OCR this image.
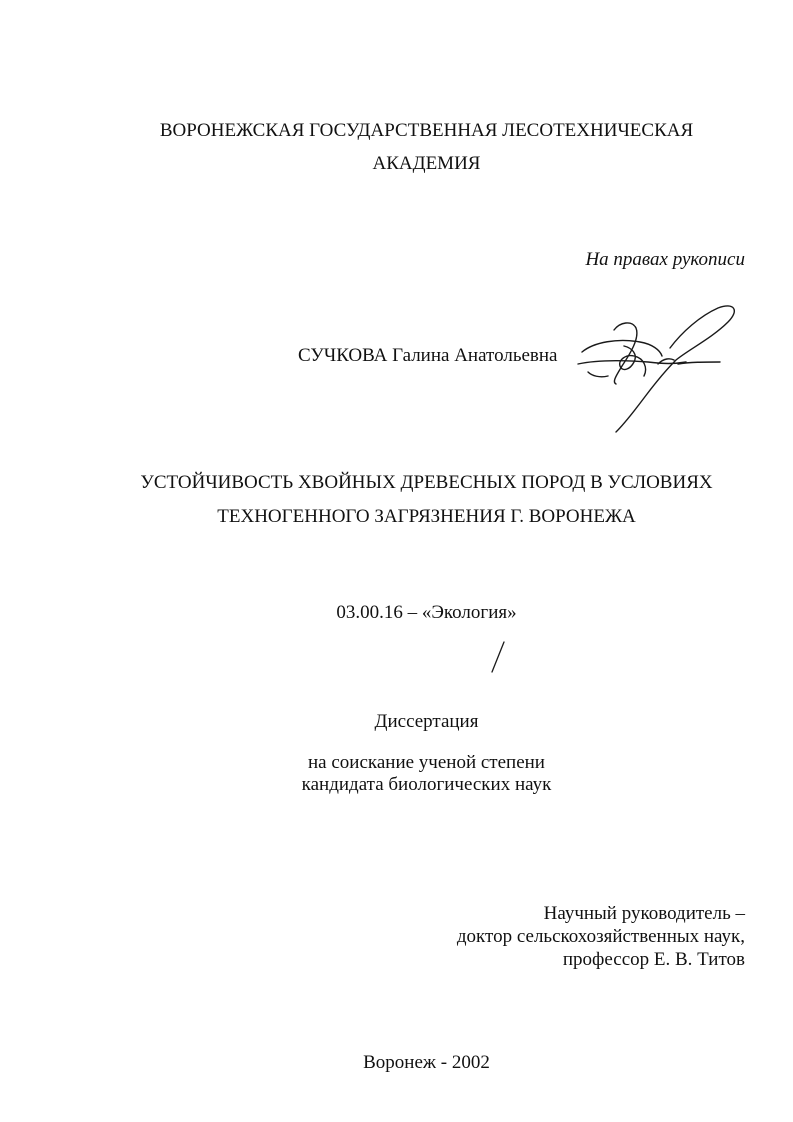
ВОРОНЕЖСКАЯ ГОСУДАРСТВЕННАЯ ЛЕСОТЕХНИЧЕСКАЯ
АКАДЕМИЯ
На правах рукописи
СУЧКОВА Галина Анатольевна
УСТОЙЧИВОСТЬ ХВОЙНЫХ ДРЕВЕСНЫХ ПОРОД В УСЛОВИЯХ
ТЕХНОГЕННОГО ЗАГРЯЗНЕНИЯ Г. ВОРОНЕЖА
03.00.16 – «Экология»
Диссертация
на соискание ученой степени
кандидата биологических наук
Научный руководитель –
доктор сельскохозяйственных наук,
профессор Е. В. Титов
Воронеж - 2002
